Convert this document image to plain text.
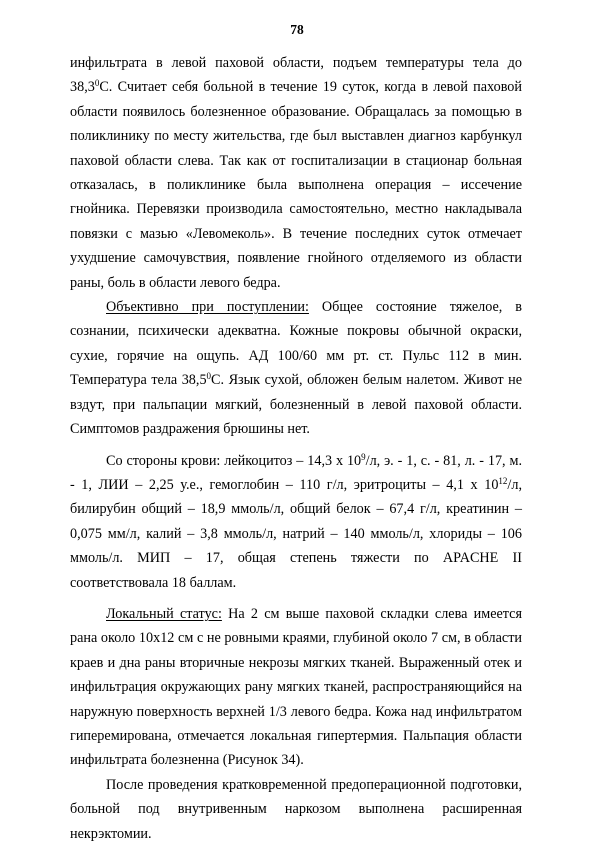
78

инфильтрата в левой паховой области, подъем температуры тела до 38,3$^0$С. Считает себя больной в течение 19 суток, когда в левой паховой области появилось болезненное образование. Обращалась за помощью в поликлинику по месту жительства, где был выставлен диагноз карбункул паховой области слева. Так как от госпитализации в стационар больная отказалась, в поликлинике была выполнена операция – иссечение гнойника. Перевязки производила самостоятельно, местно накладывала повязки с мазью «Левомеколь». В течение последних суток отмечает ухудшение самочувствия, появление гнойного отделяемого из области раны, боль в области левого бедра.

Объективно при поступлении: Общее состояние тяжелое, в сознании, психически адекватна. Кожные покровы обычной окраски, сухие, горячие на ощупь. АД 100/60 мм рт. ст. Пульс 112 в мин. Температура тела 38,5$^0$С. Язык сухой, обложен белым налетом. Живот не вздут, при пальпации мягкий, болезненный в левой паховой области. Симптомов раздражения брюшины нет.

Со стороны крови: лейкоцитоз – 14,3 х $10^9/л$, э. - 1, с. - 81, л. - 17, м. - 1, ЛИИ – 2,25 у.е., гемоглобин – 110 г/л, эритроциты – 4,1 х $10^{12}/л$, билирубин общий – 18,9 ммоль/л, общий белок – 67,4 г/л, креатинин – 0,075 мм/л, калий – 3,8 ммоль/л, натрий – 140 ммоль/л, хлориды – 106 ммоль/л. МИП – 17, общая степень тяжести по APACHE II соответствовала 18 баллам.

Локальный статус: На 2 см выше паховой складки слева имеется рана около 10х12 см с не ровными краями, глубиной около 7 см, в области краев и дна раны вторичные некрозы мягких тканей. Выраженный отек и инфильтрация окружающих рану мягких тканей, распространяющийся на наружную поверхность верхней 1/3 левого бедра. Кожа над инфильтратом гиперемирована, отмечается локальная гипертермия. Пальпация области инфильтрата болезненна (Рисунок 34).

После проведения кратковременной предоперационной подготовки, больной под внутривенным наркозом выполнена расширенная некрэктомии.
